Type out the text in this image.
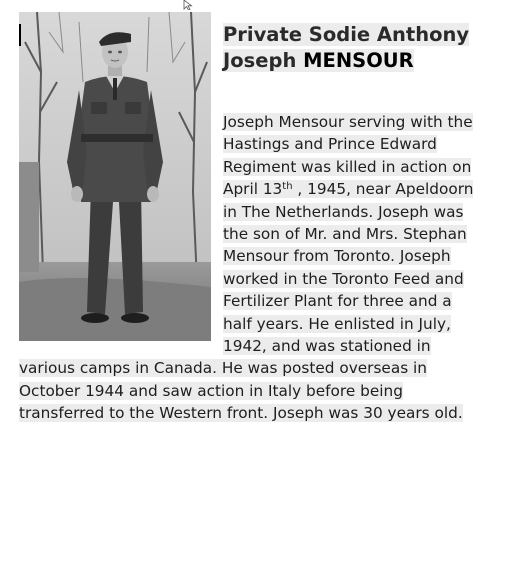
Private Sodie Anthony
Joseph MENSOUR

Joseph Mensour serving with the
Hastings and Prince Edward
Regiment was killed in action on
April 13th , 1945, near Apeldoorn
in The Netherlands. Joseph was
the son of Mr. and Mrs. Stephan
Mensour from Toronto. Joseph
worked in the Toronto Feed and
Fertilizer Plant for three and a
half years. He enlisted in July,
1942, and was stationed in
various camps in Canada. He was posted overseas in
October 1944 and saw action in Italy before being
transferred to the Western front. Joseph was 30 years old.
